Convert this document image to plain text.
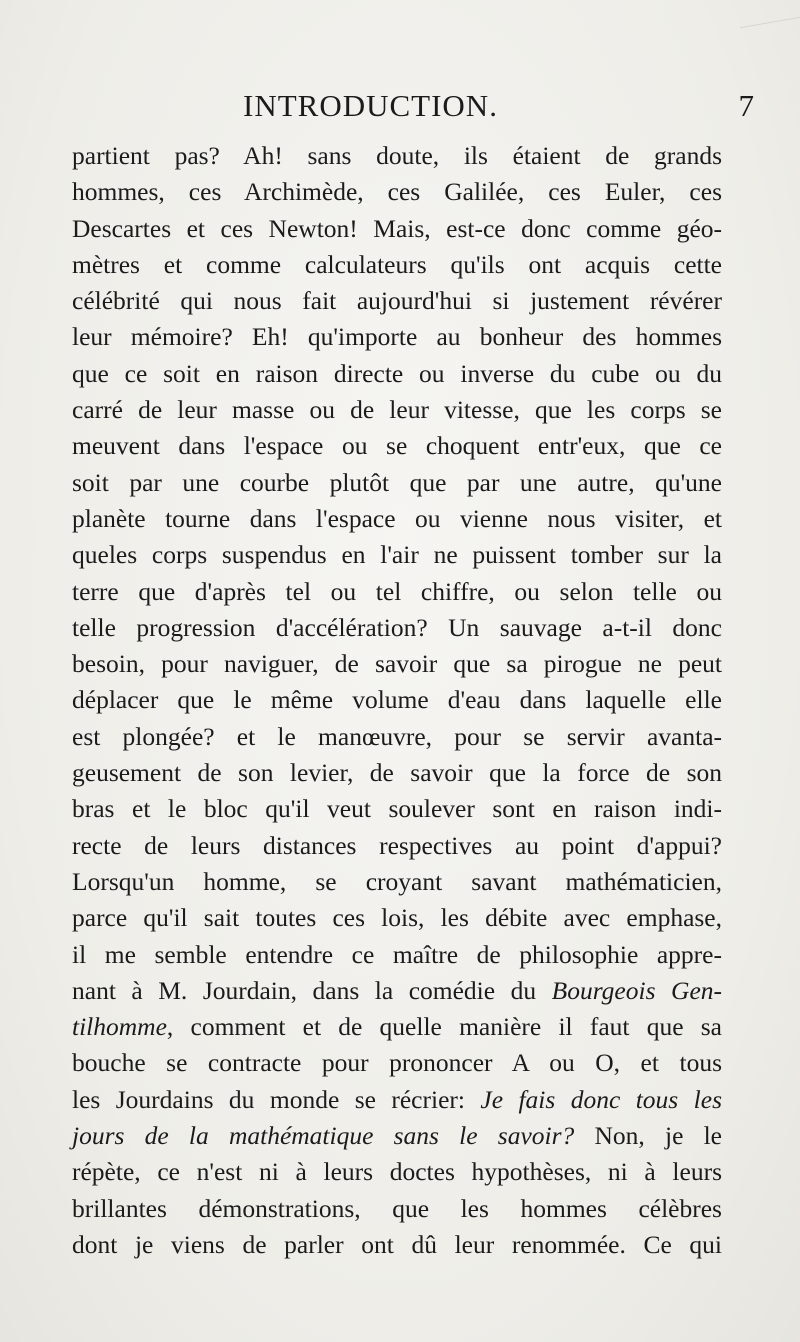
INTRODUCTION.	7
partient pas? Ah! sans doute, ils étaient de grands
hommes, ces Archimède, ces Galilée, ces Euler, ces
Descartes et ces Newton! Mais, est-ce donc comme géo-
mètres et comme calculateurs qu'ils ont acquis cette
célébrité qui nous fait aujourd'hui si justement révérer
leur mémoire? Eh! qu'importe au bonheur des hommes
que ce soit en raison directe ou inverse du cube ou du
carré de leur masse ou de leur vitesse, que les corps se
meuvent dans l'espace ou se choquent entr'eux, que ce
soit par une courbe plutôt que par une autre, qu'une
planète tourne dans l'espace ou vienne nous visiter, et
queles corps suspendus en l'air ne puissent tomber sur la
terre que d'après tel ou tel chiffre, ou selon telle ou
telle progression d'accélération? Un sauvage a-t-il donc
besoin, pour naviguer, de savoir que sa pirogue ne peut
déplacer que le même volume d'eau dans laquelle elle
est plongée? et le manœuvre, pour se servir avanta-
geusement de son levier, de savoir que la force de son
bras et le bloc qu'il veut soulever sont en raison indi-
recte de leurs distances respectives au point d'appui?
Lorsqu'un homme, se croyant savant mathématicien,
parce qu'il sait toutes ces lois, les débite avec emphase,
il me semble entendre ce maître de philosophie appre-
nant à M. Jourdain, dans la comédie du Bourgeois Gen-
tilhomme, comment et de quelle manière il faut que sa
bouche se contracte pour prononcer A ou O, et tous
les Jourdains du monde se récrier: Je fais donc tous les
jours de la mathématique sans le savoir? Non, je le
répète, ce n'est ni à leurs doctes hypothèses, ni à leurs
brillantes démonstrations, que les hommes célèbres
dont je viens de parler ont dû leur renommée. Ce qui
